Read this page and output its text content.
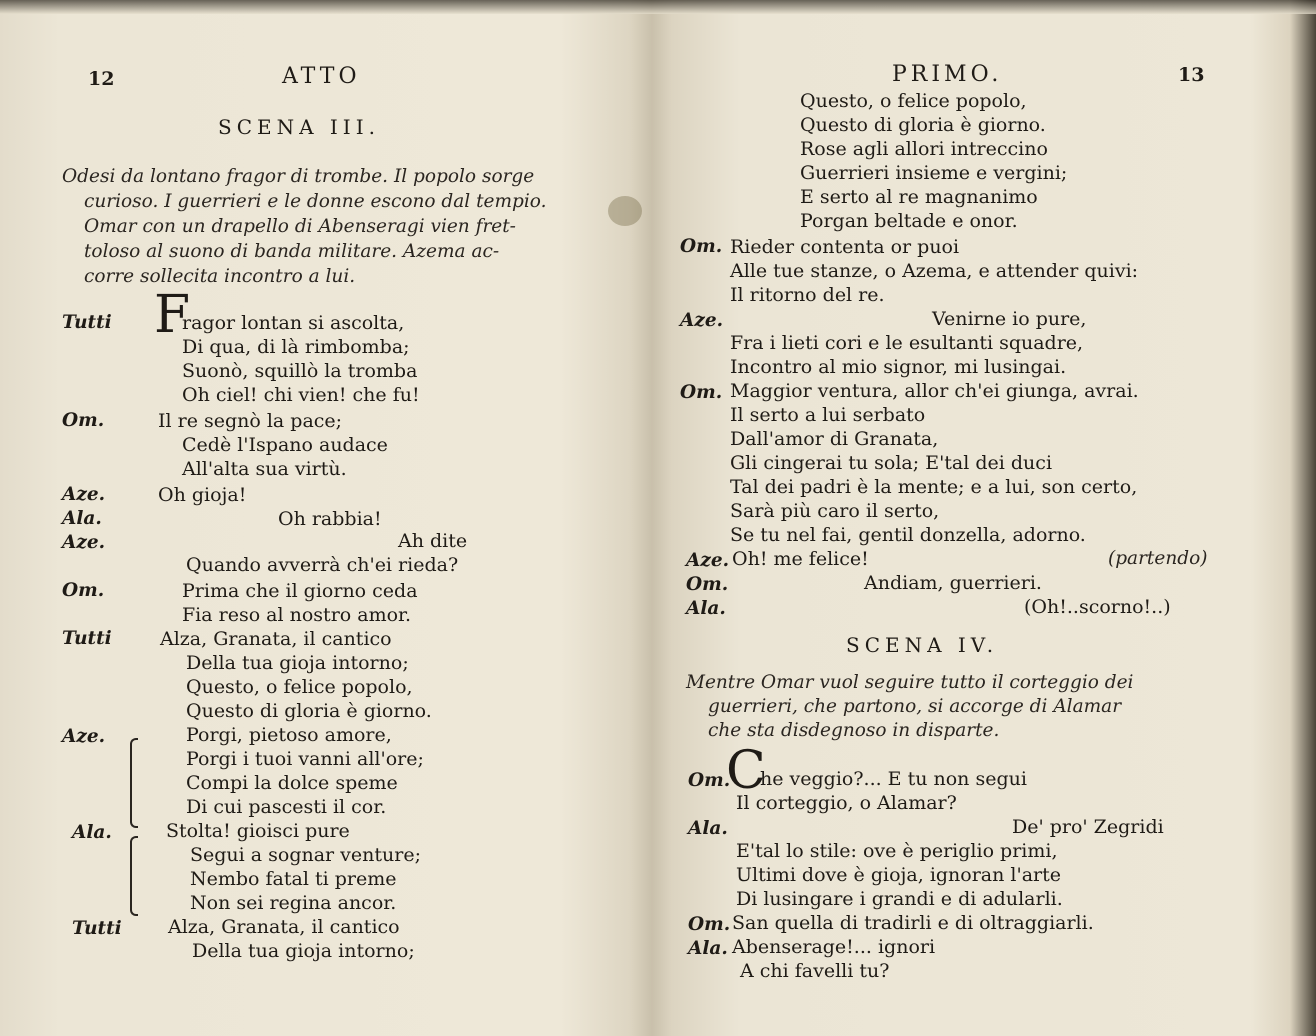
12	ATTO
SCENA III.
Odesi da lontano fragor di trombe. Il popolo sorge
curioso. I guerrieri e le donne escono dal tempio.
Omar con un drapello di Abenseragi vien fret-
toloso al suono di banda militare. Azema ac-
corre sollecita incontro a lui.
F
Tutti	ragor lontan si ascolta,
Di qua, di là rimbomba;
Suonò, squillò la tromba
Oh ciel! chi vien! che fu!
Om.	Il re segnò la pace;
Cedè l'Ispano audace
All'alta sua virtù.
Aze.	Oh gioja!
Ala.	Oh rabbia!
Aze.	Ah dite
Quando avverrà ch'ei rieda?
Om.	Prima che il giorno ceda
Fia reso al nostro amor.
Tutti	Alza, Granata, il cantico
Della tua gioja intorno;
Questo, o felice popolo,
Questo di gloria è giorno.
Aze.	Porgi, pietoso amore,
Porgi i tuoi vanni all'ore;
Compi la dolce speme
Di cui pascesti il cor.
Ala.	Stolta! gioisci pure
Segui a sognar venture;
Nembo fatal ti preme
Non sei regina ancor.
Tutti Alza, Granata, il cantico
Della tua gioja intorno;
PRIMO.	13
Questo, o felice popolo,
Questo di gloria è giorno.
Rose agli allori intreccino
Guerrieri insieme e vergini;
E serto al re magnanimo
Porgan beltade e onor.
Om. Rieder contenta or puoi
Alle tue stanze, o Azema, e attender quivi:
Il ritorno del re.
Aze.	Venirne io pure,
Fra i lieti cori e le esultanti squadre,
Incontro al mio signor, mi lusingai.
Om. Maggior ventura, allor ch'ei giunga, avrai.
Il serto a lui serbato
Dall'amor di Granata,
Gli cingerai tu sola; E'tal dei duci
Tal dei padri è la mente; e a lui, son certo,
Sarà più caro il serto,
Se tu nel fai, gentil donzella, adorno.
Aze. Oh! me felice!	(partendo)
Om.	Andiam, guerrieri.
Ala.	(Oh!..scorno!..)
SCENA IV.
Mentre Omar vuol seguire tutto il corteggio dei
guerrieri, che partono, si accorge di Alamar
che sta disdegnoso in disparte.
C
Om. he veggio?... E tu non segui
Il corteggio, o Alamar?
Ala.	De' pro' Zegridi
E'tal lo stile: ove è periglio primi,
Ultimi dove è gioja, ignoran l'arte
Di lusingare i grandi e di adularli.
Om. San quella di tradirli e di oltraggiarli.
Ala. Abenserage!... ignori
A chi favelli tu?
